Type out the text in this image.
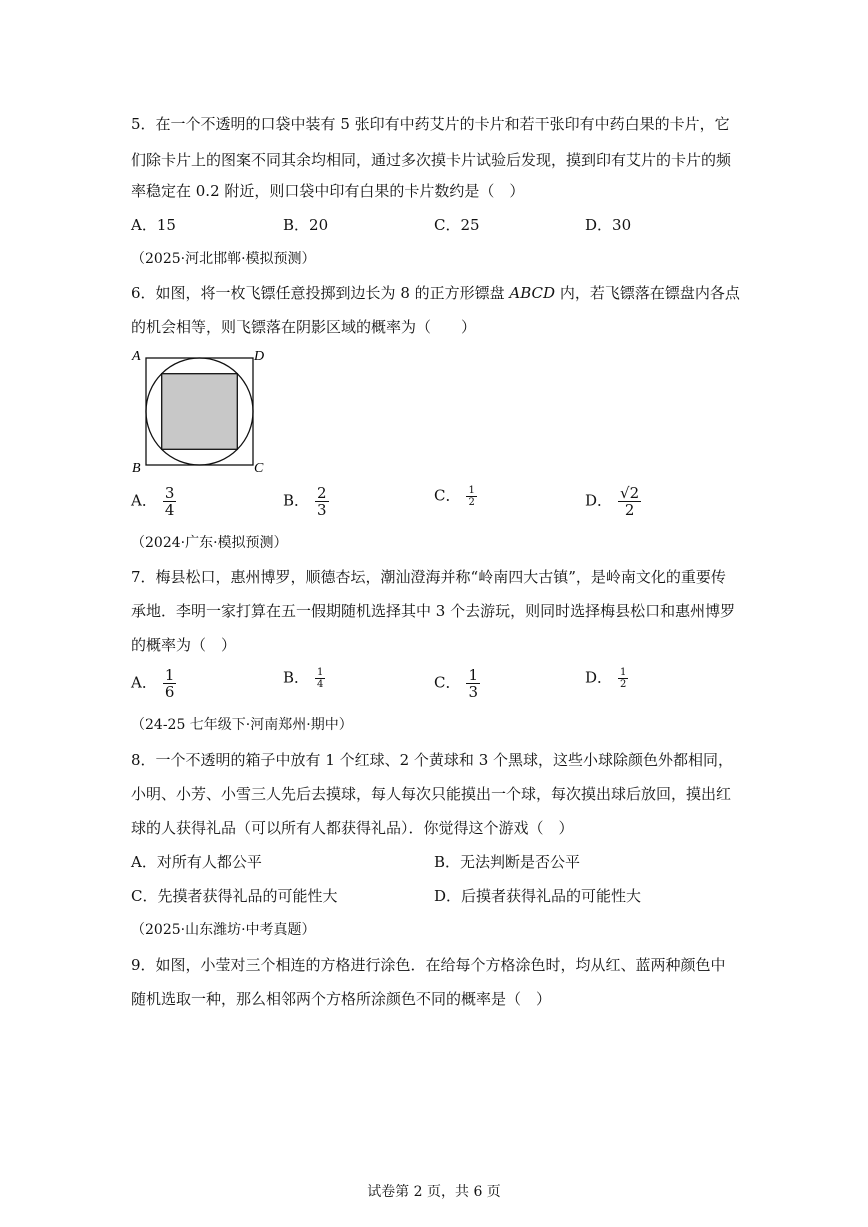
5．在一个不透明的口袋中装有 5 张印有中药艾片的卡片和若干张印有中药白果的卡片，它
们除卡片上的图案不同其余均相同，通过多次摸卡片试验后发现，摸到印有艾片的卡片的频
率稳定在 0.2 附近，则口袋中印有白果的卡片数约是（　）
A．15	B．20	C．25	D．30
（2025·河北邯郸·模拟预测）
6．如图，将一枚飞镖任意投掷到边长为 8 的正方形镖盘 ABCD 内，若飞镖落在镖盘内各点
的机会相等，则飞镖落在阴影区域的概率为（　　）
A	D
B	C
A． $\frac{3}{4}$	B． $\frac{2}{3}$	C． $\frac{1}{2}$	D． $\frac{√2}{2}$
（2024·广东·模拟预测）
7．梅县松口，惠州博罗，顺德杏坛，潮汕澄海并称“岭南四大古镇”，是岭南文化的重要传
承地．李明一家打算在五一假期随机选择其中 3 个去游玩，则同时选择梅县松口和惠州博罗
的概率为（　）
A． $\frac{1}{6}$	B． $\frac{1}{4}$	C． $\frac{1}{3}$	D． $\frac{1}{2}$
（24-25 七年级下·河南郑州·期中）
8．一个不透明的箱子中放有 1 个红球、2 个黄球和 3 个黑球，这些小球除颜色外都相同，
小明、小芳、小雪三人先后去摸球，每人每次只能摸出一个球，每次摸出球后放回，摸出红
球的人获得礼品（可以所有人都获得礼品）．你觉得这个游戏（　）
A．对所有人都公平	B．无法判断是否公平
C．先摸者获得礼品的可能性大	D．后摸者获得礼品的可能性大
（2025·山东潍坊·中考真题）
9．如图，小莹对三个相连的方格进行涂色．在给每个方格涂色时，均从红、蓝两种颜色中
随机选取一种，那么相邻两个方格所涂颜色不同的概率是（　）
试卷第 2 页，共 6 页
